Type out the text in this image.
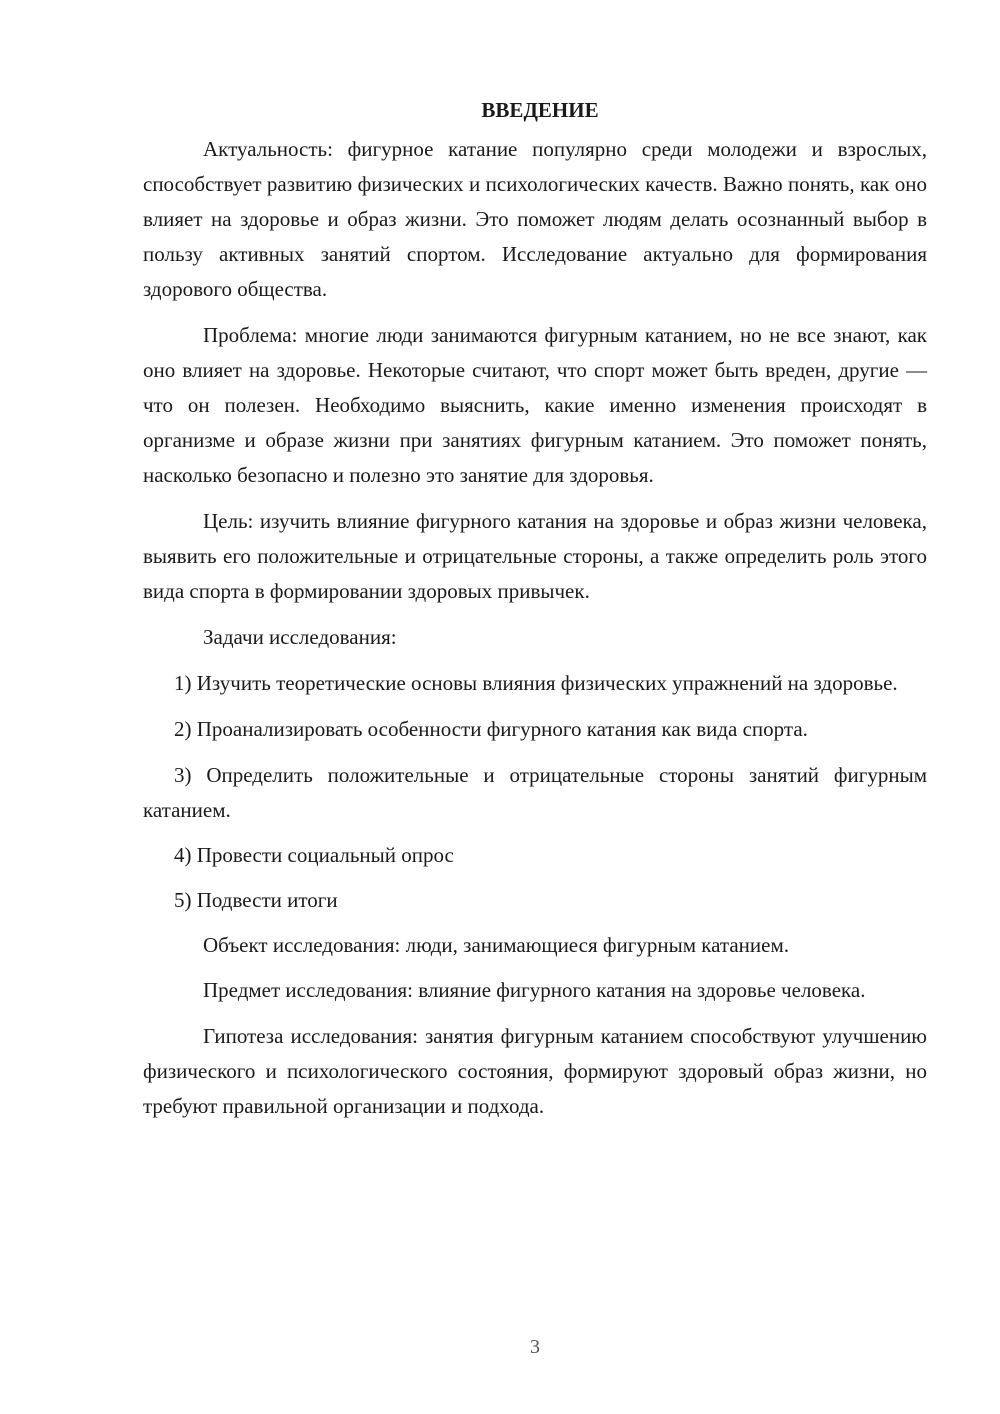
ВВЕДЕНИЕ

Актуальность: фигурное катание популярно среди молодежи и взрослых, способствует развитию физических и психологических качеств. Важно понять, как оно влияет на здоровье и образ жизни. Это поможет людям делать осознанный выбор в пользу активных занятий спортом. Исследование актуально для формирования здорового общества.

Проблема: многие люди занимаются фигурным катанием, но не все знают, как оно влияет на здоровье. Некоторые считают, что спорт может быть вреден, другие — что он полезен. Необходимо выяснить, какие именно изменения происходят в организме и образе жизни при занятиях фигурным катанием. Это поможет понять, насколько безопасно и полезно это занятие для здоровья.

Цель: изучить влияние фигурного катания на здоровье и образ жизни человека, выявить его положительные и отрицательные стороны, а также определить роль этого вида спорта в формировании здоровых привычек.

Задачи исследования:

1) Изучить теоретические основы влияния физических упражнений на здоровье.

2) Проанализировать особенности фигурного катания как вида спорта.

3) Определить положительные и отрицательные стороны занятий фигурным катанием.

4) Провести социальный опрос

5) Подвести итоги

Объект исследования: люди, занимающиеся фигурным катанием.

Предмет исследования: влияние фигурного катания на здоровье человека.

Гипотеза исследования: занятия фигурным катанием способствуют улучшению физического и психологического состояния, формируют здоровый образ жизни, но требуют правильной организации и подхода.

3
